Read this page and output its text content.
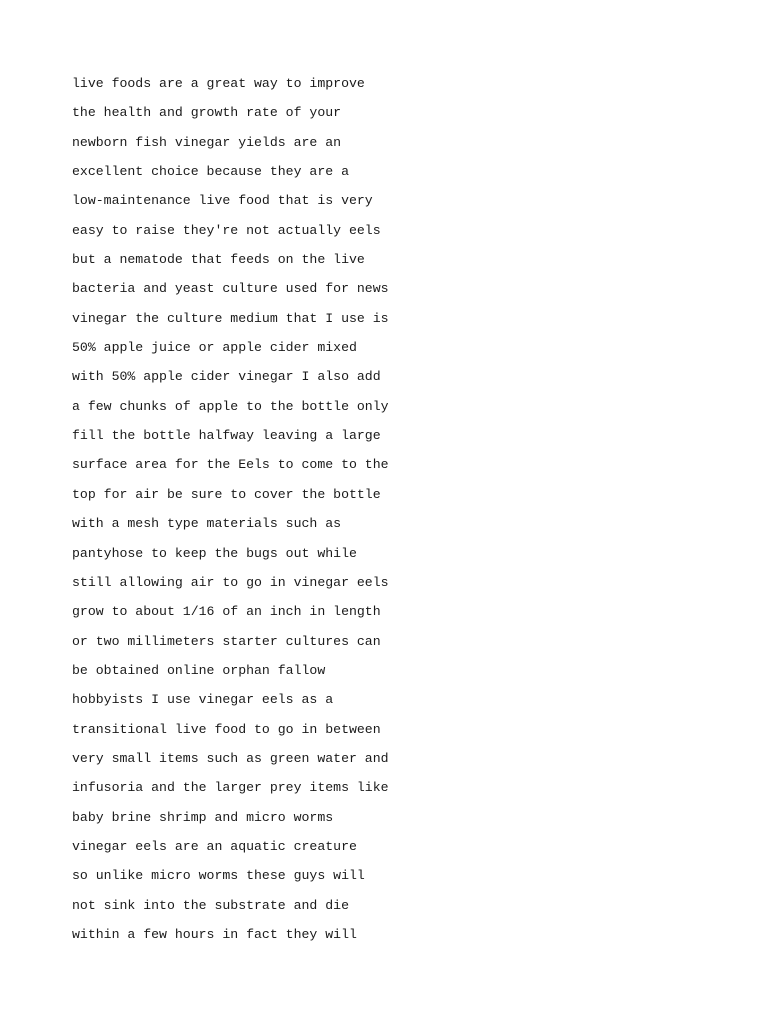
live foods are a great way to improve
the health and growth rate of your
newborn fish vinegar yields are an
excellent choice because they are a
low-maintenance live food that is very
easy to raise they're not actually eels
but a nematode that feeds on the live
bacteria and yeast culture used for news
vinegar the culture medium that I use is
50% apple juice or apple cider mixed
with 50% apple cider vinegar I also add
a few chunks of apple to the bottle only
fill the bottle halfway leaving a large
surface area for the Eels to come to the
top for air be sure to cover the bottle
with a mesh type materials such as
pantyhose to keep the bugs out while
still allowing air to go in vinegar eels
grow to about 1/16 of an inch in length
or two millimeters starter cultures can
be obtained online orphan fallow
hobbyists I use vinegar eels as a
transitional live food to go in between
very small items such as green water and
infusoria and the larger prey items like
baby brine shrimp and micro worms
vinegar eels are an aquatic creature
so unlike micro worms these guys will
not sink into the substrate and die
within a few hours in fact they will
